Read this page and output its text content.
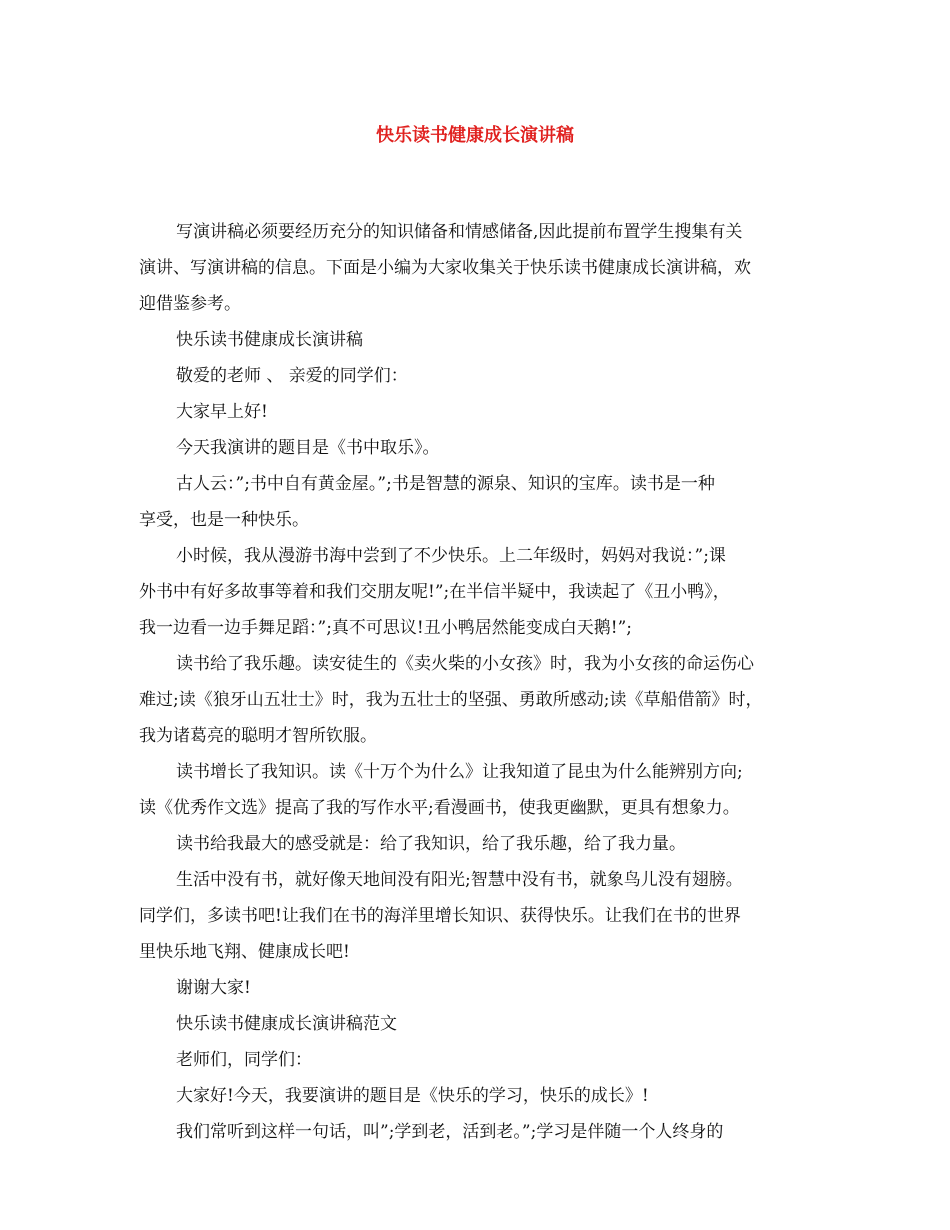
快乐读书健康成长演讲稿
写演讲稿必须要经历充分的知识储备和情感储备,因此提前布置学生搜集有关
演讲、写演讲稿的信息。下面是小编为大家收集关于快乐读书健康成长演讲稿，欢
迎借鉴参考。
快乐读书健康成长演讲稿
敬爱的老师 、 亲爱的同学们：
大家早上好!
今天我演讲的题目是《书中取乐》。
古人云：”;书中自有黄金屋。”;书是智慧的源泉、知识的宝库。读书是一种
享受，也是一种快乐。
小时候，我从漫游书海中尝到了不少快乐。上二年级时，妈妈对我说：”;课
外书中有好多故事等着和我们交朋友呢!”;在半信半疑中，我读起了《丑小鸭》，
我一边看一边手舞足蹈：”;真不可思议!丑小鸭居然能变成白天鹅!”;
读书给了我乐趣。读安徒生的《卖火柴的小女孩》时，我为小女孩的命运伤心
难过;读《狼牙山五壮士》时，我为五壮士的坚强、勇敢所感动;读《草船借箭》时，
我为诸葛亮的聪明才智所钦服。
读书增长了我知识。读《十万个为什么》让我知道了昆虫为什么能辨别方向;
读《优秀作文选》提高了我的写作水平;看漫画书，使我更幽默，更具有想象力。
读书给我最大的感受就是：给了我知识，给了我乐趣，给了我力量。
生活中没有书，就好像天地间没有阳光;智慧中没有书，就象鸟儿没有翅膀。
同学们，多读书吧!让我们在书的海洋里增长知识、获得快乐。让我们在书的世界
里快乐地飞翔、健康成长吧!
谢谢大家!
快乐读书健康成长演讲稿范文
老师们，同学们：
大家好!今天，我要演讲的题目是《快乐的学习，快乐的成长》!
我们常听到这样一句话，叫”;学到老，活到老。”;学习是伴随一个人终身的
